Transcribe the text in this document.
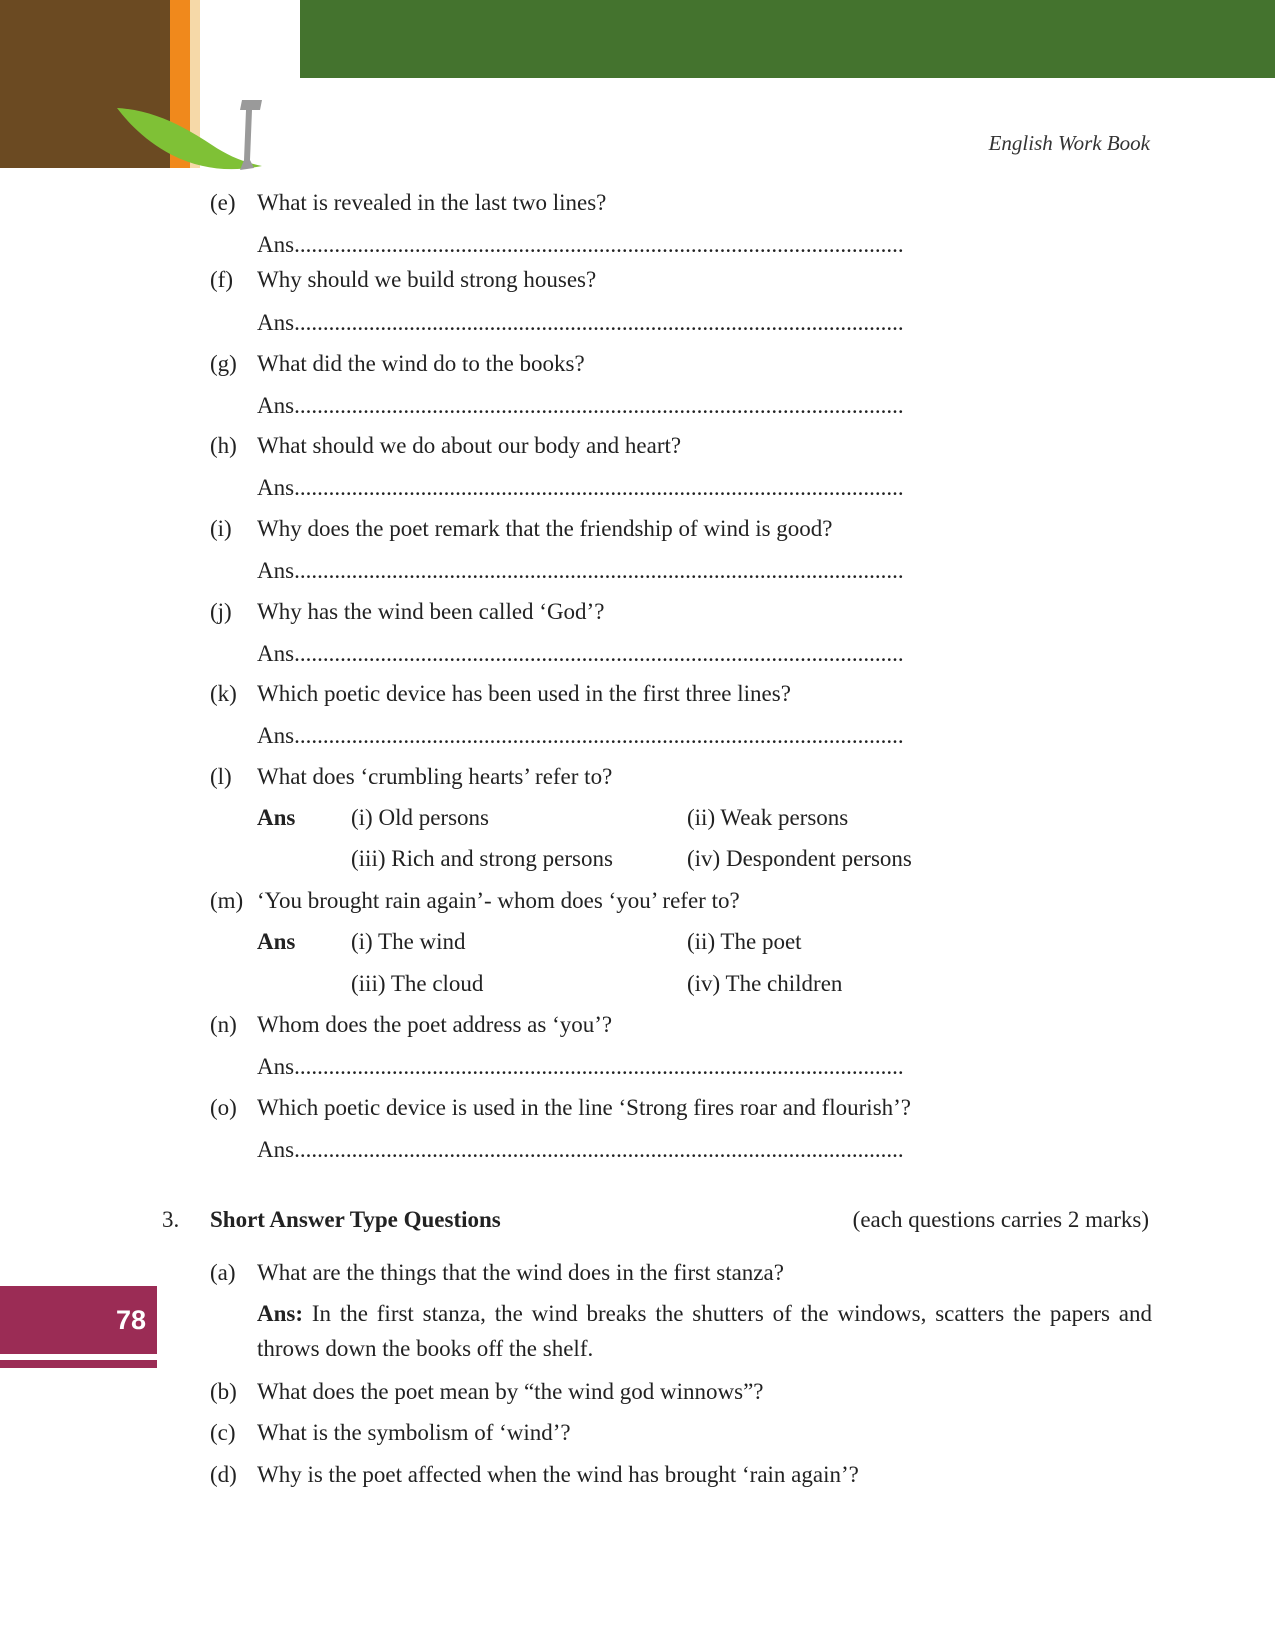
English Work Book
78
(e) What is revealed in the last two lines?
Ans..........................................................................................................
(f) Why should we build strong houses?
Ans..........................................................................................................
(g) What did the wind do to the books?
Ans..........................................................................................................
(h) What should we do about our body and heart?
Ans..........................................................................................................
(i) Why does the poet remark that the friendship of wind is good?
Ans..........................................................................................................
(j) Why has the wind been called ‘God’?
Ans..........................................................................................................
(k) Which poetic device has been used in the first three lines?
Ans..........................................................................................................
(l) What does ‘crumbling hearts’ refer to?
Ans (i) Old persons	(ii) Weak persons
(iii) Rich and strong persons	(iv) Despondent persons
(m) ‘You brought rain again’- whom does ‘you’ refer to?
Ans (i) The wind	(ii) The poet
(iii) The cloud	(iv) The children
(n) Whom does the poet address as ‘you’?
Ans..........................................................................................................
(o) Which poetic device is used in the line ‘Strong fires roar and flourish’?
Ans..........................................................................................................
3. Short Answer Type Questions	(each questions carries 2 marks)
(a) What are the things that the wind does in the first stanza?
Ans: In the first stanza, the wind breaks the shutters of the windows, scatters the papers and throws down the books off the shelf.
(b) What does the poet mean by “the wind god winnows”?
(c) What is the symbolism of ‘wind’?
(d) Why is the poet affected when the wind has brought ‘rain again’?
